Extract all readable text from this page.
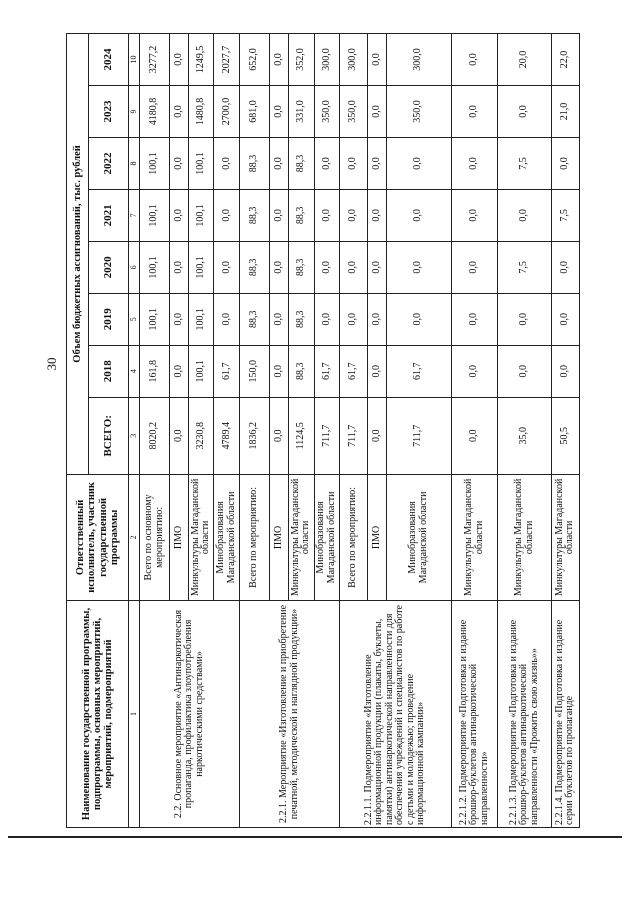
30
Наименование государственной программы, подпрограммы, основных мероприятий, мероприятий, подмероприятий	Ответственный исполнитель, участник государственной программы	Объем бюджетных ассигнований, тыс. рублей							
		ВСЕГО:	2018	2019	2020	2021	2022	2023	2024
1	2	3	4	5	6	7	8	9	10
2.2. Основное мероприятие «Антинаркотическая пропаганда, профилактика злоупотребления наркотическими средствами»	Всего по основному мероприятию:	8020,2	161,8	100,1	100,1	100,1	100,1	4180,8	3277,2
	ПМО	0,0	0,0	0,0	0,0	0,0	0,0	0,0	0,0
	Минкультуры Магаданской области	3230,8	100,1	100,1	100,1	100,1	100,1	1480,8	1249,5
	Минобразования Магаданской области	4789,4	61,7	0,0	0,0	0,0	0,0	2700,0	2027,7
2.2.1. Мероприятие «Изготовление и приобретение печатной, методической и наглядной продукции»	Всего по мероприятию:	1836,2	150,0	88,3	88,3	88,3	88,3	681,0	652,0
	ПМО	0,0	0,0	0,0	0,0	0,0	0,0	0,0	0,0
	Минкультуры Магаданской области	1124,5	88,3	88,3	88,3	88,3	88,3	331,0	352,0
	Минобразования Магаданской области	711,7	61,7	0,0	0,0	0,0	0,0	350,0	300,0
2.2.1.1. Подмероприятие «Изготовление информационной продукции (плакаты, буклеты, памятки) антинаркотической направленности для обеспечения учреждений и специалистов по работе с детьми и молодежью; проведение информационной кампании»	Всего по мероприятию:	711,7	61,7	0,0	0,0	0,0	0,0	350,0	300,0
	ПМО	0,0	0,0	0,0	0,0	0,0	0,0	0,0	0,0
	Минобразования Магаданской области	711,7	61,7	0,0	0,0	0,0	0,0	350,0	300,0
2.2.1.2. Подмероприятие «Подготовка и издание брошюр-буклетов антинаркотической направленности»	Минкультуры Магаданской области	0,0	0,0	0,0	0,0	0,0	0,0	0,0	0,0
2.2.1.3. Подмероприятие «Подготовка и издание брошюр-буклетов антинаркотической направленности «Прожить свою жизнь»»	Минкультуры Магаданской области	35,0	0,0	0,0	7,5	0,0	7,5	0,0	20,0
2.2.1.4. Подмероприятие «Подготовка и издание серии буклетов по пропаганде	Минкультуры Магаданской области	50,5	0,0	0,0	0,0	7,5	0,0	21,0	22,0
